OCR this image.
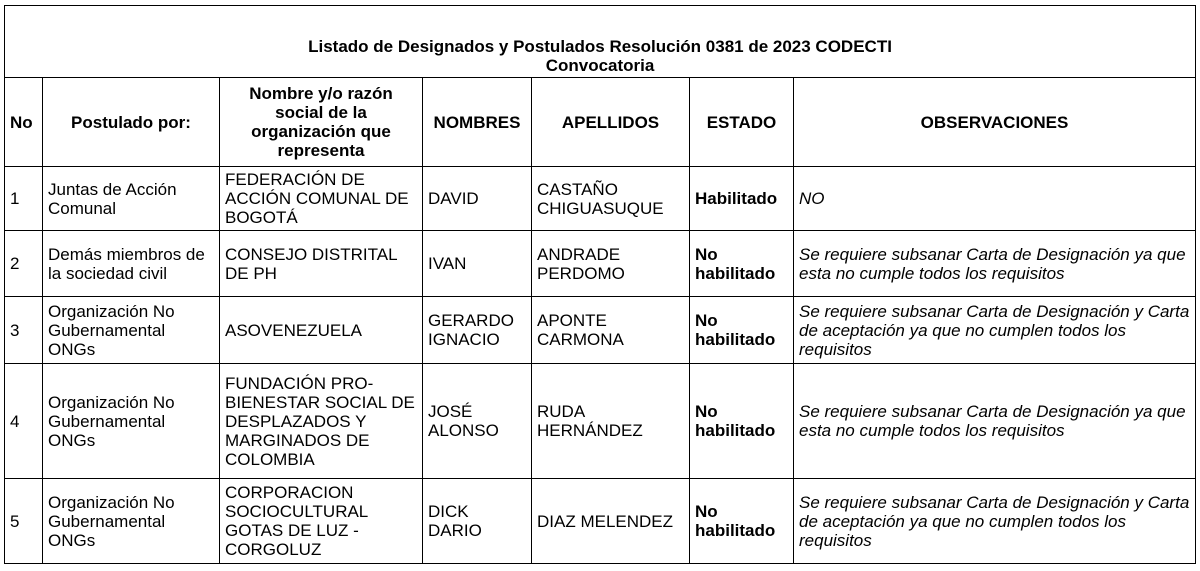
Listado de Designados y Postulados Resolución 0381 de 2023 CODECTI
Convocatoria						

No	Postulado por:	Nombre y/o razón social de la organización que representa	NOMBRES	APELLIDOS	ESTADO	OBSERVACIONES
1	Juntas de Acción Comunal	FEDERACIÓN DE ACCIÓN COMUNAL DE BOGOTÁ	DAVID	CASTAÑO CHIGUASUQUE	Habilitado	NO
2	Demás miembros de la sociedad civil	CONSEJO DISTRITAL DE PH	IVAN	ANDRADE PERDOMO	No habilitado	Se requiere subsanar Carta de Designación ya que esta no cumple todos los requisitos
3	Organización No Gubernamental ONGs	ASOVENEZUELA	GERARDO IGNACIO	APONTE CARMONA	No habilitado	Se requiere subsanar Carta de Designación y Carta de aceptación ya que no cumplen todos los requisitos
4	Organización No Gubernamental ONGs	FUNDACIÓN PRO-BIENESTAR SOCIAL DE DESPLAZADOS Y MARGINADOS DE COLOMBIA	JOSÉ ALONSO	RUDA HERNÁNDEZ	No habilitado	Se requiere subsanar Carta de Designación ya que esta no cumple todos los requisitos
5	Organización No Gubernamental ONGs	CORPORACION SOCIOCULTURAL GOTAS DE LUZ - CORGOLUZ	DICK DARIO	DIAZ MELENDEZ	No habilitado	Se requiere subsanar Carta de Designación y Carta de aceptación ya que no cumplen todos los requisitos
